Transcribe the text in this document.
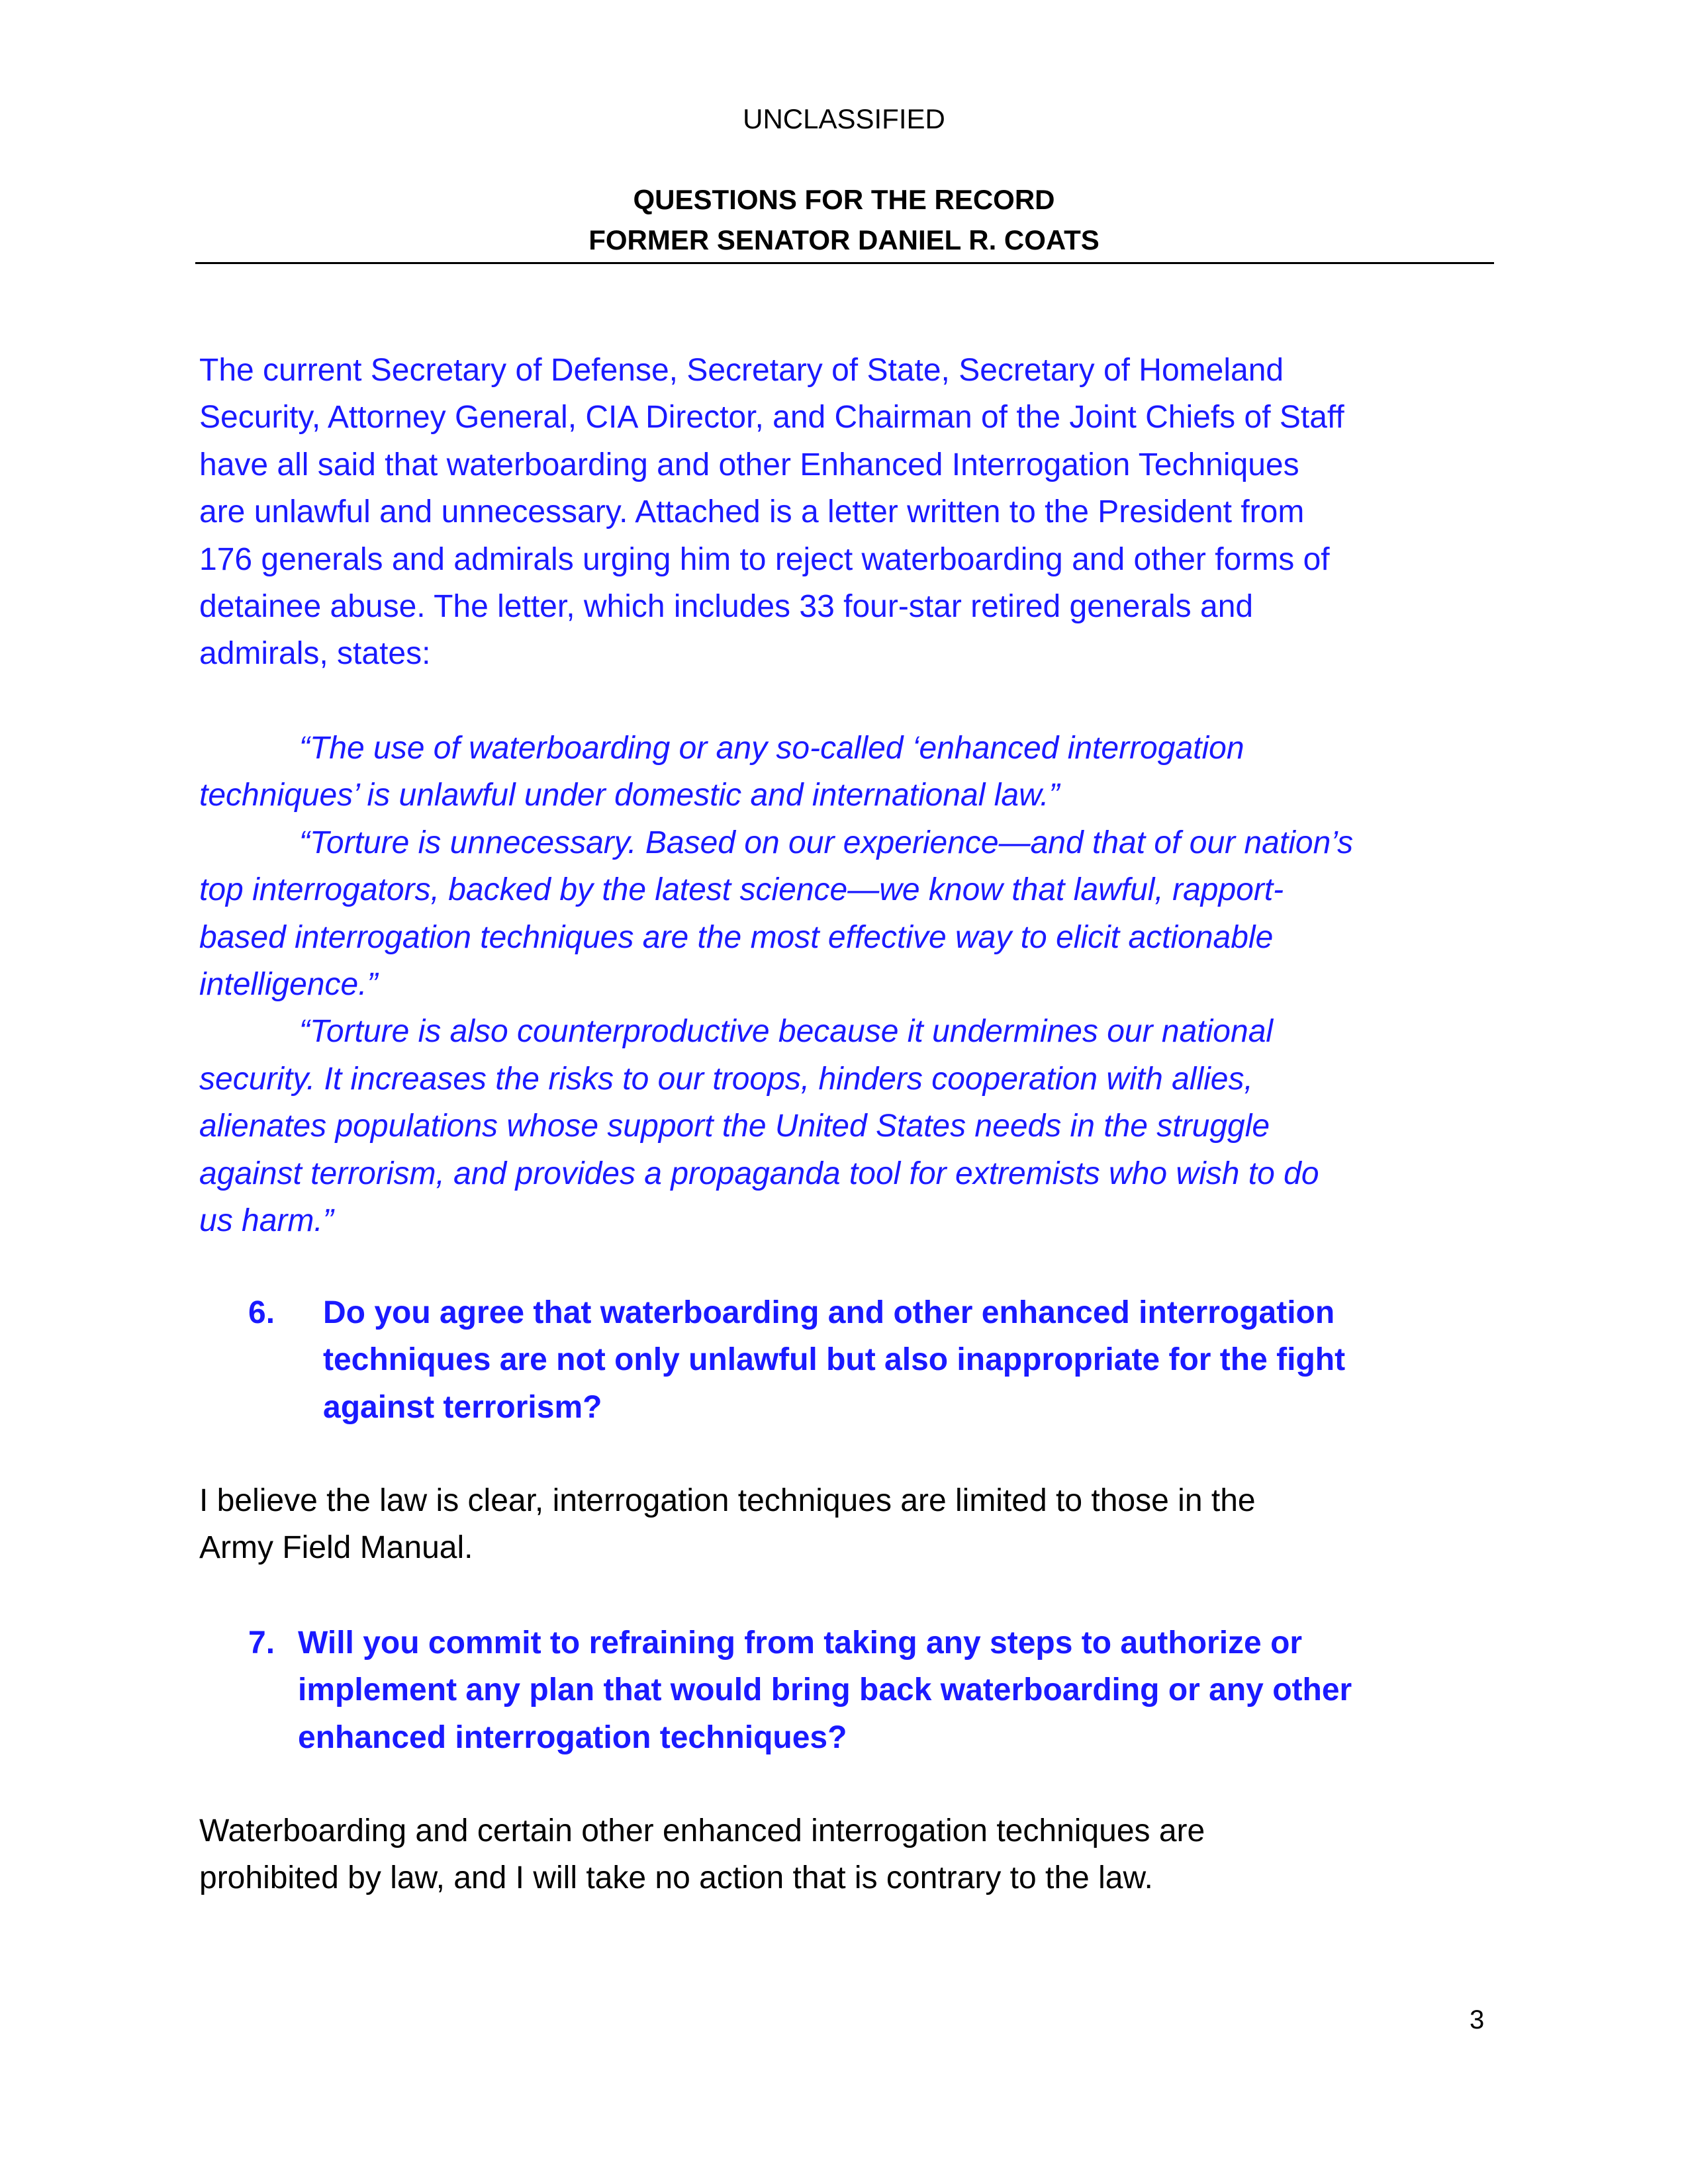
UNCLASSIFIED
QUESTIONS FOR THE RECORD
FORMER SENATOR DANIEL R. COATS
The current Secretary of Defense, Secretary of State, Secretary of Homeland
Security, Attorney General, CIA Director, and Chairman of the Joint Chiefs of Staff
have all said that waterboarding and other Enhanced Interrogation Techniques
are unlawful and unnecessary. Attached is a letter written to the President from
176 generals and admirals urging him to reject waterboarding and other forms of
detainee abuse. The letter, which includes 33 four-star retired generals and
admirals, states:
“The use of waterboarding or any so-called ‘enhanced interrogation
techniques’ is unlawful under domestic and international law.”
“Torture is unnecessary. Based on our experience—and that of our nation’s
top interrogators, backed by the latest science—we know that lawful, rapport-
based interrogation techniques are the most effective way to elicit actionable
intelligence.”
“Torture is also counterproductive because it undermines our national
security. It increases the risks to our troops, hinders cooperation with allies,
alienates populations whose support the United States needs in the struggle
against terrorism, and provides a propaganda tool for extremists who wish to do
us harm.”
6. Do you agree that waterboarding and other enhanced interrogation
techniques are not only unlawful but also inappropriate for the fight
against terrorism?
I believe the law is clear, interrogation techniques are limited to those in the
Army Field Manual.
7. Will you commit to refraining from taking any steps to authorize or
implement any plan that would bring back waterboarding or any other
enhanced interrogation techniques?
Waterboarding and certain other enhanced interrogation techniques are
prohibited by law, and I will take no action that is contrary to the law.
3
